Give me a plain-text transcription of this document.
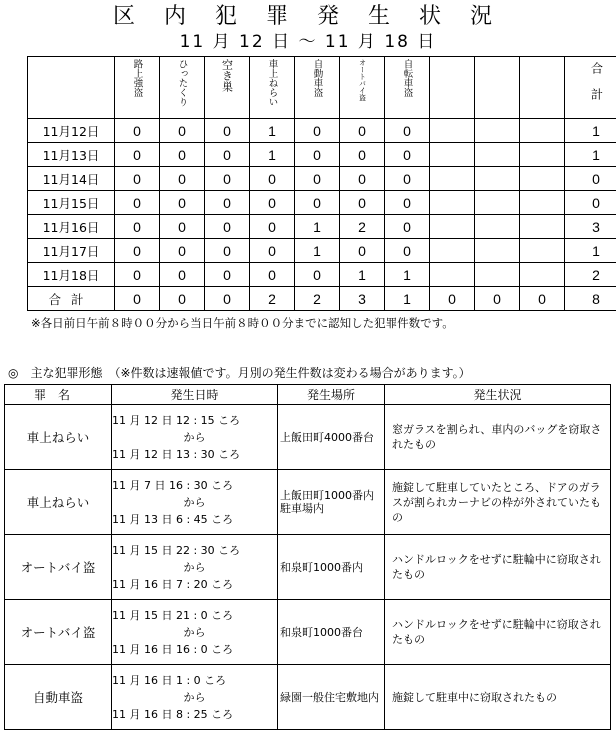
区 内 犯 罪 発 生 状 況
11 月 12 日 ～ 11 月 18 日
	路上強盗	ひったくり	空き巣	車上ねらい	自動車盗	オートバイ盗	自転車盗				合計
11月12日	0	0	0	1	0	0	0				1
11月13日	0	0	0	1	0	0	0				1
11月14日	0	0	0	0	0	0	0				0
11月15日	0	0	0	0	0	0	0				0
11月16日	0	0	0	0	1	2	0				3
11月17日	0	0	0	0	1	0	0				1
11月18日	0	0	0	0	0	1	1				2
合計	0	0	0	2	2	3	1	0	0	0	8
※各日前日午前８時００分から当日午前８時００分までに認知した犯罪件数です。
◎　主な犯罪形態　（※件数は速報値です。月別の発生件数は変わる場合があります。）
罪名	発生日時	発生場所	発生状況
車上ねらい	11 月 12 日 12 : 15 ころ
から
11 月 12 日 13 : 30 ころ	上飯田町4000番台	窓ガラスを割られ、車内のバッグを窃取されたもの
車上ねらい	11 月 7 日 16 : 30 ころ
から
11 月 13 日 6 : 45 ころ	上飯田町1000番内駐車場内	施錠して駐車していたところ、ドアのガラスが割られカーナビの枠が外されていたもの
オートバイ盗	11 月 15 日 22 : 30 ころ
から
11 月 16 日 7 : 20 ころ	和泉町1000番内	ハンドルロックをせずに駐輪中に窃取されたもの
オートバイ盗	11 月 15 日 21 : 0 ころ
から
11 月 16 日 16 : 0 ころ	和泉町1000番台	ハンドルロックをせずに駐輪中に窃取されたもの
自動車盗	11 月 16 日 1 : 0 ころ
から
11 月 16 日 8 : 25 ころ	緑園一般住宅敷地内	施錠して駐車中に窃取されたもの
